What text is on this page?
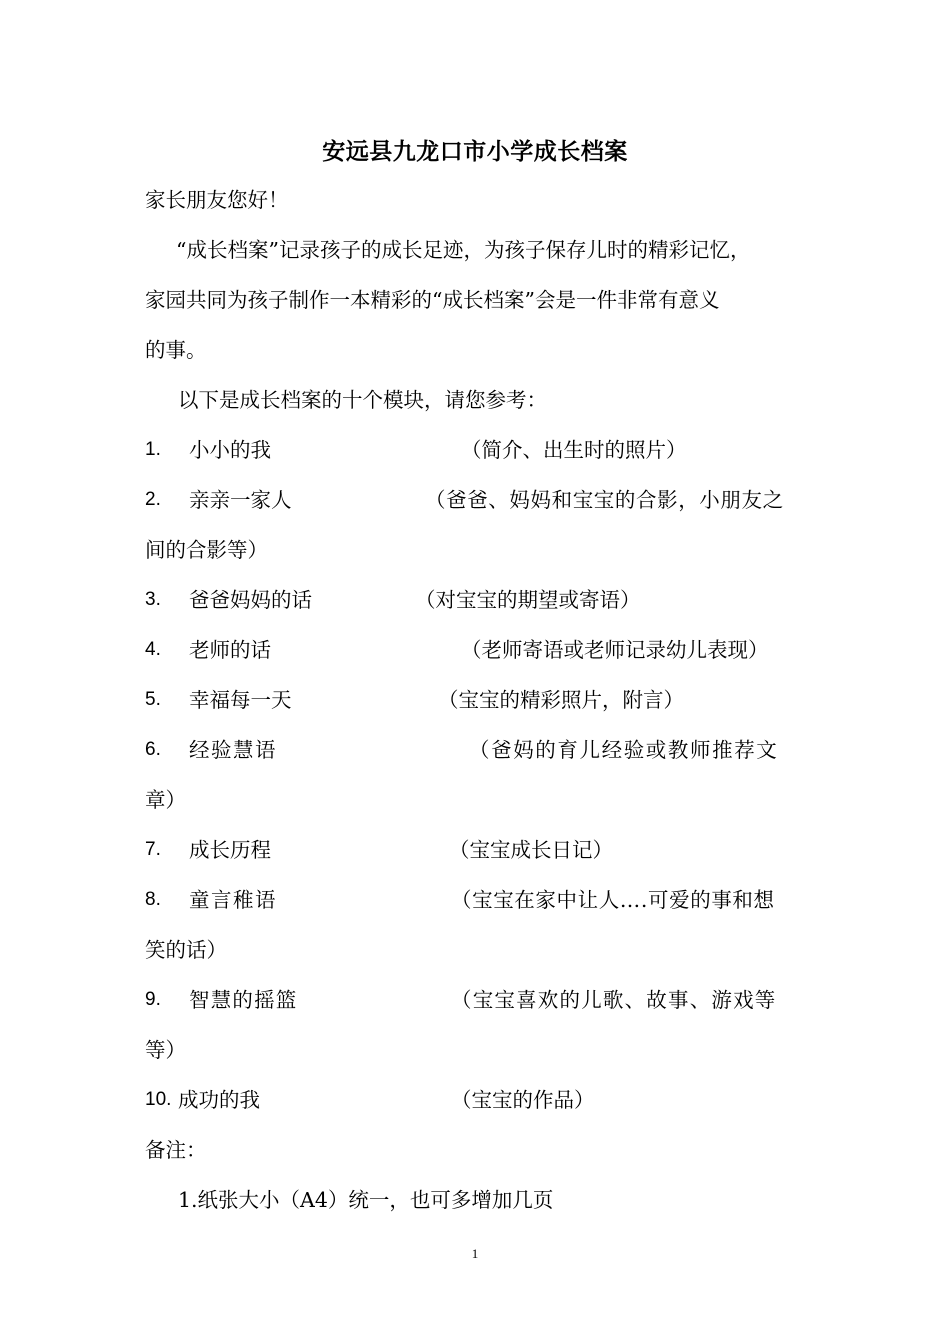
安远县九龙口市小学成长档案
家长朋友您好！
“成长档案”记录孩子的成长足迹，为孩子保存儿时的精彩记忆，
家园共同为孩子制作一本精彩的“成长档案”会是一件非常有意义
的事。
以下是成长档案的十个模块，请您参考：
1. 小小的我	（简介、出生时的照片）
2. 亲亲一家人	（爸爸、妈妈和宝宝的合影，小朋友之
间的合影等）
3. 爸爸妈妈的话	（对宝宝的期望或寄语）
4. 老师的话	（老师寄语或老师记录幼儿表现）
5. 幸福每一天	（宝宝的精彩照片，附言）
6. 经验慧语	（爸妈的育儿经验或教师推荐文
章）
7. 成长历程	（宝宝成长日记）
8. 童言稚语	（宝宝在家中让人….可爱的事和想
笑的话）
9. 智慧的摇篮	（宝宝喜欢的儿歌、故事、游戏等
等）
10. 成功的我	（宝宝的作品）
备注：
1.纸张大小（A4）统一，也可多增加几页
1
